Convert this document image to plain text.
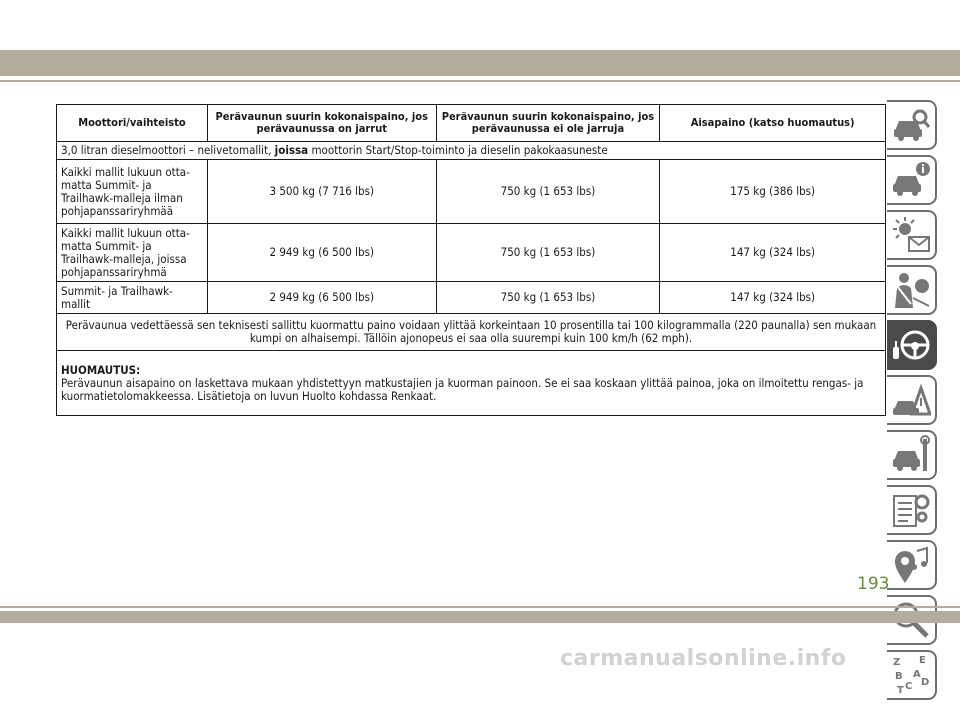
Moottori/vaihteisto	Perävaunun suurin kokonaispaino, jos perävaunussa on jarrut	Perävaunun suurin kokonaispaino, jos perävaunussa ei ole jarruja	Aisapaino (katso huomautus)
3,0 litran dieselmoottori – nelivetomallit, joissa moottorin Start/Stop-toiminto ja dieselin pakokaasuneste			
Kaikki mallit lukuun otta-
matta Summit- ja
Trailhawk-malleja ilman
pohjapanssariryhmää	3 500 kg (7 716 lbs)	750 kg (1 653 lbs)	175 kg (386 lbs)
Kaikki mallit lukuun otta-
matta Summit- ja
Trailhawk-malleja, joissa
pohjapanssariryhmä	2 949 kg (6 500 lbs)	750 kg (1 653 lbs)	147 kg (324 lbs)
Summit- ja Trailhawk-
mallit	2 949 kg (6 500 lbs)	750 kg (1 653 lbs)	147 kg (324 lbs)
Perävaunua vedettäessä sen teknisesti sallittu kuormattu paino voidaan ylittää korkeintaan 10 prosentilla tai 100 kilogrammalla (220 paunalla) sen mukaan kumpi on alhaisempi. Tällöin ajonopeus ei saa olla suurempi kuin 100 km/h (62 mph).			

HUOMAUTUS:
Perävaunun aisapaino on laskettava mukaan yhdistettyyn matkustajien ja kuorman painoon. Se ei saa koskaan ylittää painoa, joka on ilmoitettu rengas- ja kuormatietolomakkeessa. Lisätietoja on luvun Huolto kohdassa Renkaat.			
Z E
A
B
C D
T
193
carmanualsonline.info
